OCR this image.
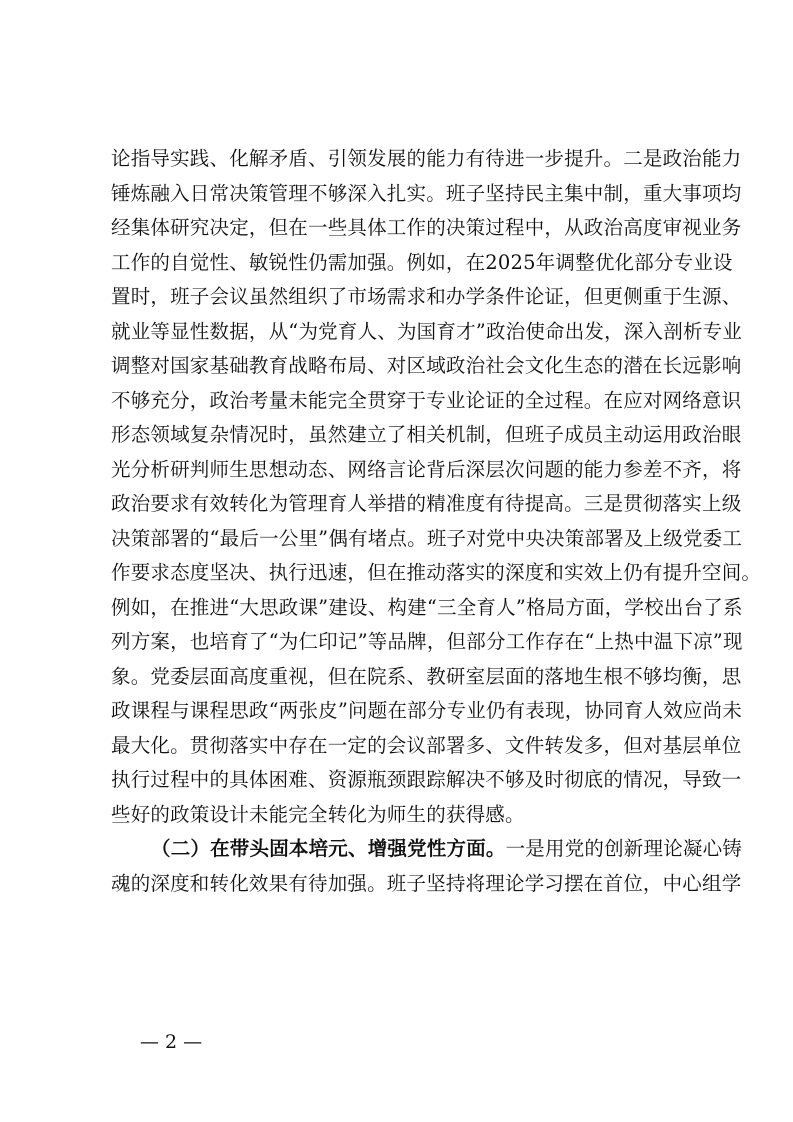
论指导实践、化解矛盾、引领发展的能力有待进一步提升。二是政治能力
锤炼融入日常决策管理不够深入扎实。班子坚持民主集中制，重大事项均
经集体研究决定，但在一些具体工作的决策过程中，从政治高度审视业务
工作的自觉性、敏锐性仍需加强。例如，在2025年调整优化部分专业设
置时，班子会议虽然组织了市场需求和办学条件论证，但更侧重于生源、
就业等显性数据，从“为党育人、为国育才”政治使命出发，深入剖析专业
调整对国家基础教育战略布局、对区域政治社会文化生态的潜在长远影响
不够充分，政治考量未能完全贯穿于专业论证的全过程。在应对网络意识
形态领域复杂情况时，虽然建立了相关机制，但班子成员主动运用政治眼
光分析研判师生思想动态、网络言论背后深层次问题的能力参差不齐，将
政治要求有效转化为管理育人举措的精准度有待提高。三是贯彻落实上级
决策部署的“最后一公里”偶有堵点。班子对党中央决策部署及上级党委工
作要求态度坚决、执行迅速，但在推动落实的深度和实效上仍有提升空间。
例如，在推进“大思政课”建设、构建“三全育人”格局方面，学校出台了系
列方案，也培育了“为仁印记”等品牌，但部分工作存在“上热中温下凉”现
象。党委层面高度重视，但在院系、教研室层面的落地生根不够均衡，思
政课程与课程思政“两张皮”问题在部分专业仍有表现，协同育人效应尚未
最大化。贯彻落实中存在一定的会议部署多、文件转发多，但对基层单位
执行过程中的具体困难、资源瓶颈跟踪解决不够及时彻底的情况，导致一
些好的政策设计未能完全转化为师生的获得感。
（二）在带头固本培元、增强党性方面。一是用党的创新理论凝心铸
魂的深度和转化效果有待加强。班子坚持将理论学习摆在首位，中心组学
— 2 —
